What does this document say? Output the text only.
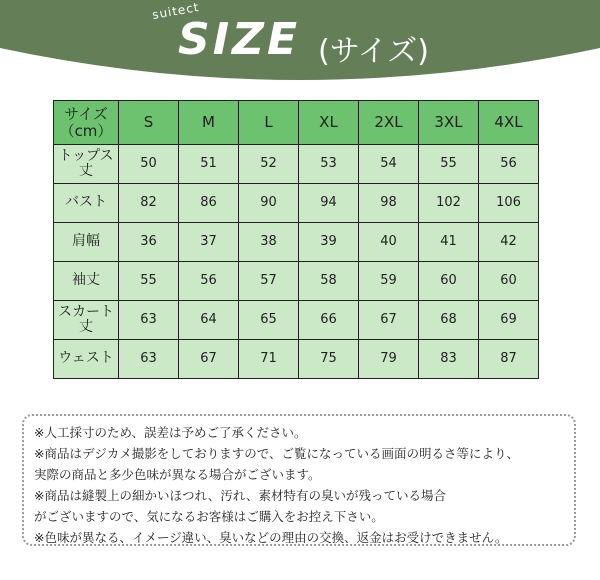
suitect
SIZE (サイズ)
サイズ（cm）	S	M	L	XL	2XL	3XL	4XL
トップス丈	50	51	52	53	54	55	56
バスト	82	86	90	94	98	102	106
肩幅	36	37	38	39	40	41	42
袖丈	55	56	57	58	59	60	60
スカート丈	63	64	65	66	67	68	69
ウェスト	63	67	71	75	79	83	87
※人工採寸のため、誤差は予めご了承ください。
※商品はデジカメ撮影をしておりますので、ご覧になっている画面の明るさ等により、
実際の商品と多少色味が異なる場合がございます。
※商品は縫製上の細かいほつれ、汚れ、素材特有の臭いが残っている場合
がございますので、気になるお客様はご購入をお控え下さい。
※色味が異なる、イメージ違い、臭いなどの理由の交換、返金はお受けできません。
